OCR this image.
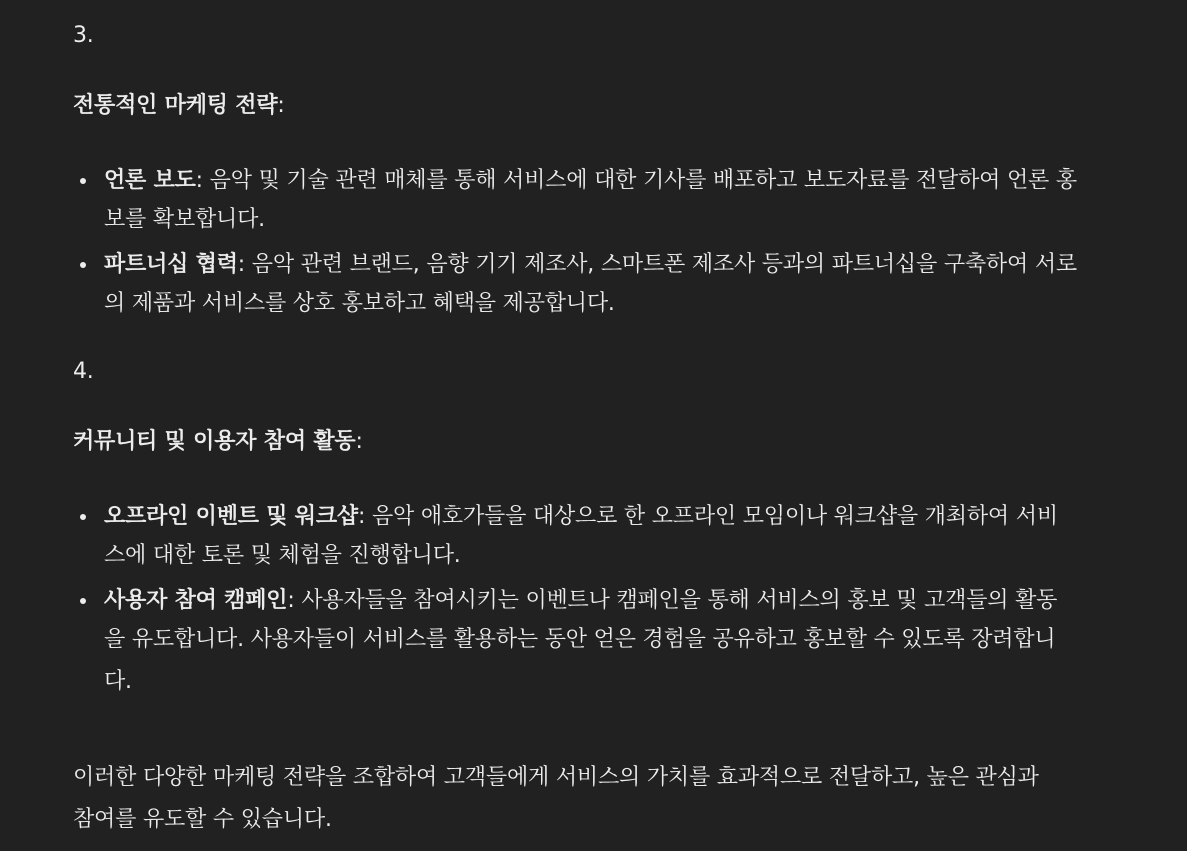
3.
전통적인 마케팅 전략:
언론 보도: 음악 및 기술 관련 매체를 통해 서비스에 대한 기사를 배포하고 보도자료를 전달하여 언론 홍
보를 확보합니다.
파트너십 협력: 음악 관련 브랜드, 음향 기기 제조사, 스마트폰 제조사 등과의 파트너십을 구축하여 서로
의 제품과 서비스를 상호 홍보하고 혜택을 제공합니다.
4.
커뮤니티 및 이용자 참여 활동:
오프라인 이벤트 및 워크샵: 음악 애호가들을 대상으로 한 오프라인 모임이나 워크샵을 개최하여 서비
스에 대한 토론 및 체험을 진행합니다.
사용자 참여 캠페인: 사용자들을 참여시키는 이벤트나 캠페인을 통해 서비스의 홍보 및 고객들의 활동
을 유도합니다. 사용자들이 서비스를 활용하는 동안 얻은 경험을 공유하고 홍보할 수 있도록 장려합니
다.
이러한 다양한 마케팅 전략을 조합하여 고객들에게 서비스의 가치를 효과적으로 전달하고, 높은 관심과
참여를 유도할 수 있습니다.
